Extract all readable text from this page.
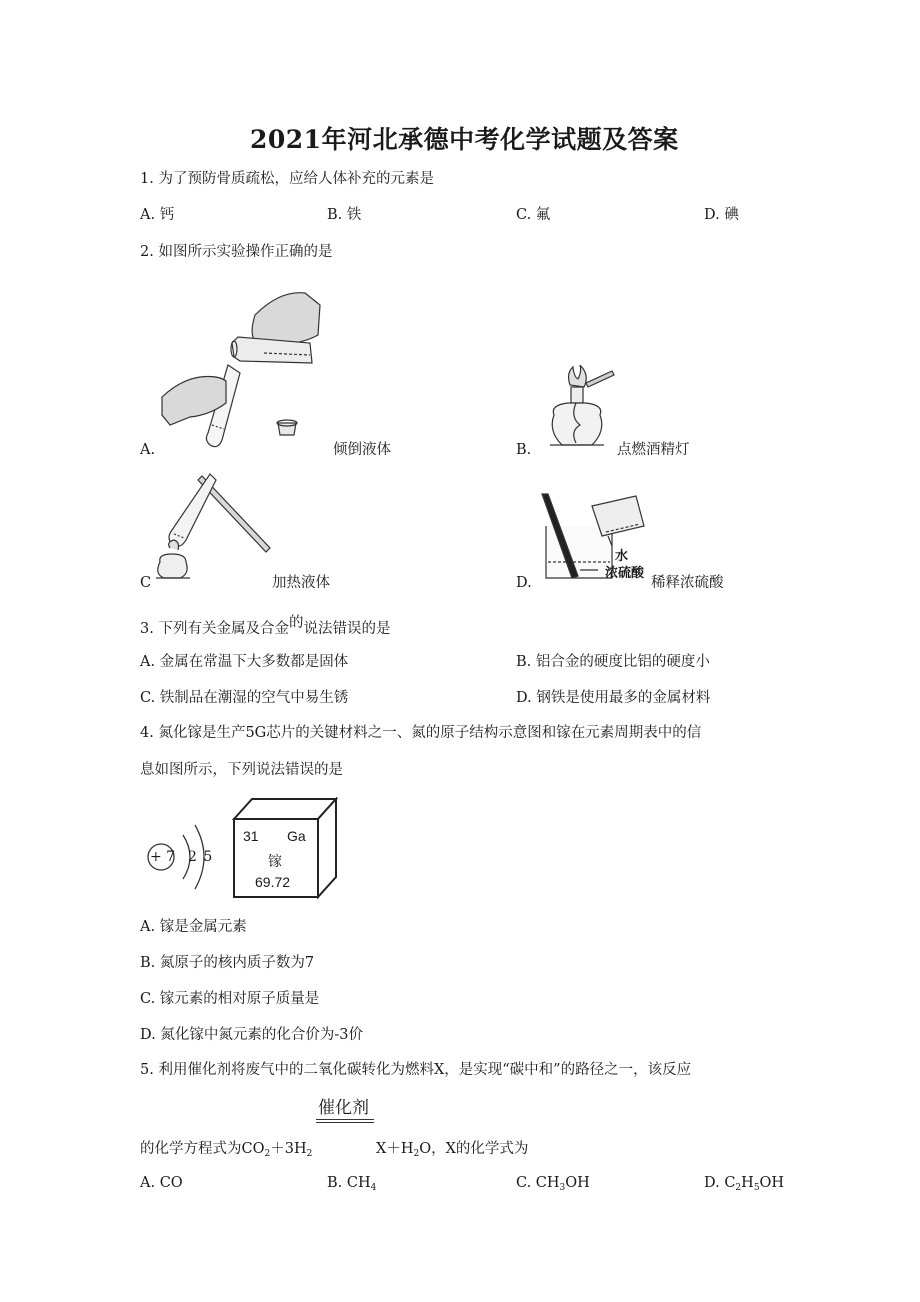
2021年河北承德中考化学试题及答案
1. 为了预防骨质疏松，应给人体补充的元素是
A. 钙	B. 铁	C. 氟	D. 碘
2. 如图所示实验操作正确的是
A.	倾倒液体	B.	点燃酒精灯
C	加热液体
水
浓硫酸
D.	稀释浓硫酸
3. 下列有关金属及合金的说法错误的是
A. 金属在常温下大多数都是固体	B. 铝合金的硬度比铝的硬度小
C. 铁制品在潮湿的空气中易生锈	D. 钢铁是使用最多的金属材料
4. 氮化镓是生产5G芯片的关键材料之一、氮的原子结构示意图和镓在元素周期表中的信
息如图所示，下列说法错误的是
+ 7 2 5
31 Ga
镓
69.72
A. 镓是金属元素
B. 氮原子的核内质子数为7
C. 镓元素的相对原子质量是
D. 氮化镓中氮元素的化合价为-3价
5. 利用催化剂将废气中的二氧化碳转化为燃料X，是实现“碳中和”的路径之一，该反应
催化剂
的化学方程式为$CO_2+3H_2$	$X+H_2O$，X的化学式为
A. CO	B. $CH_4$	C. $CH_3OH$	D. $C_2H_5OH$
